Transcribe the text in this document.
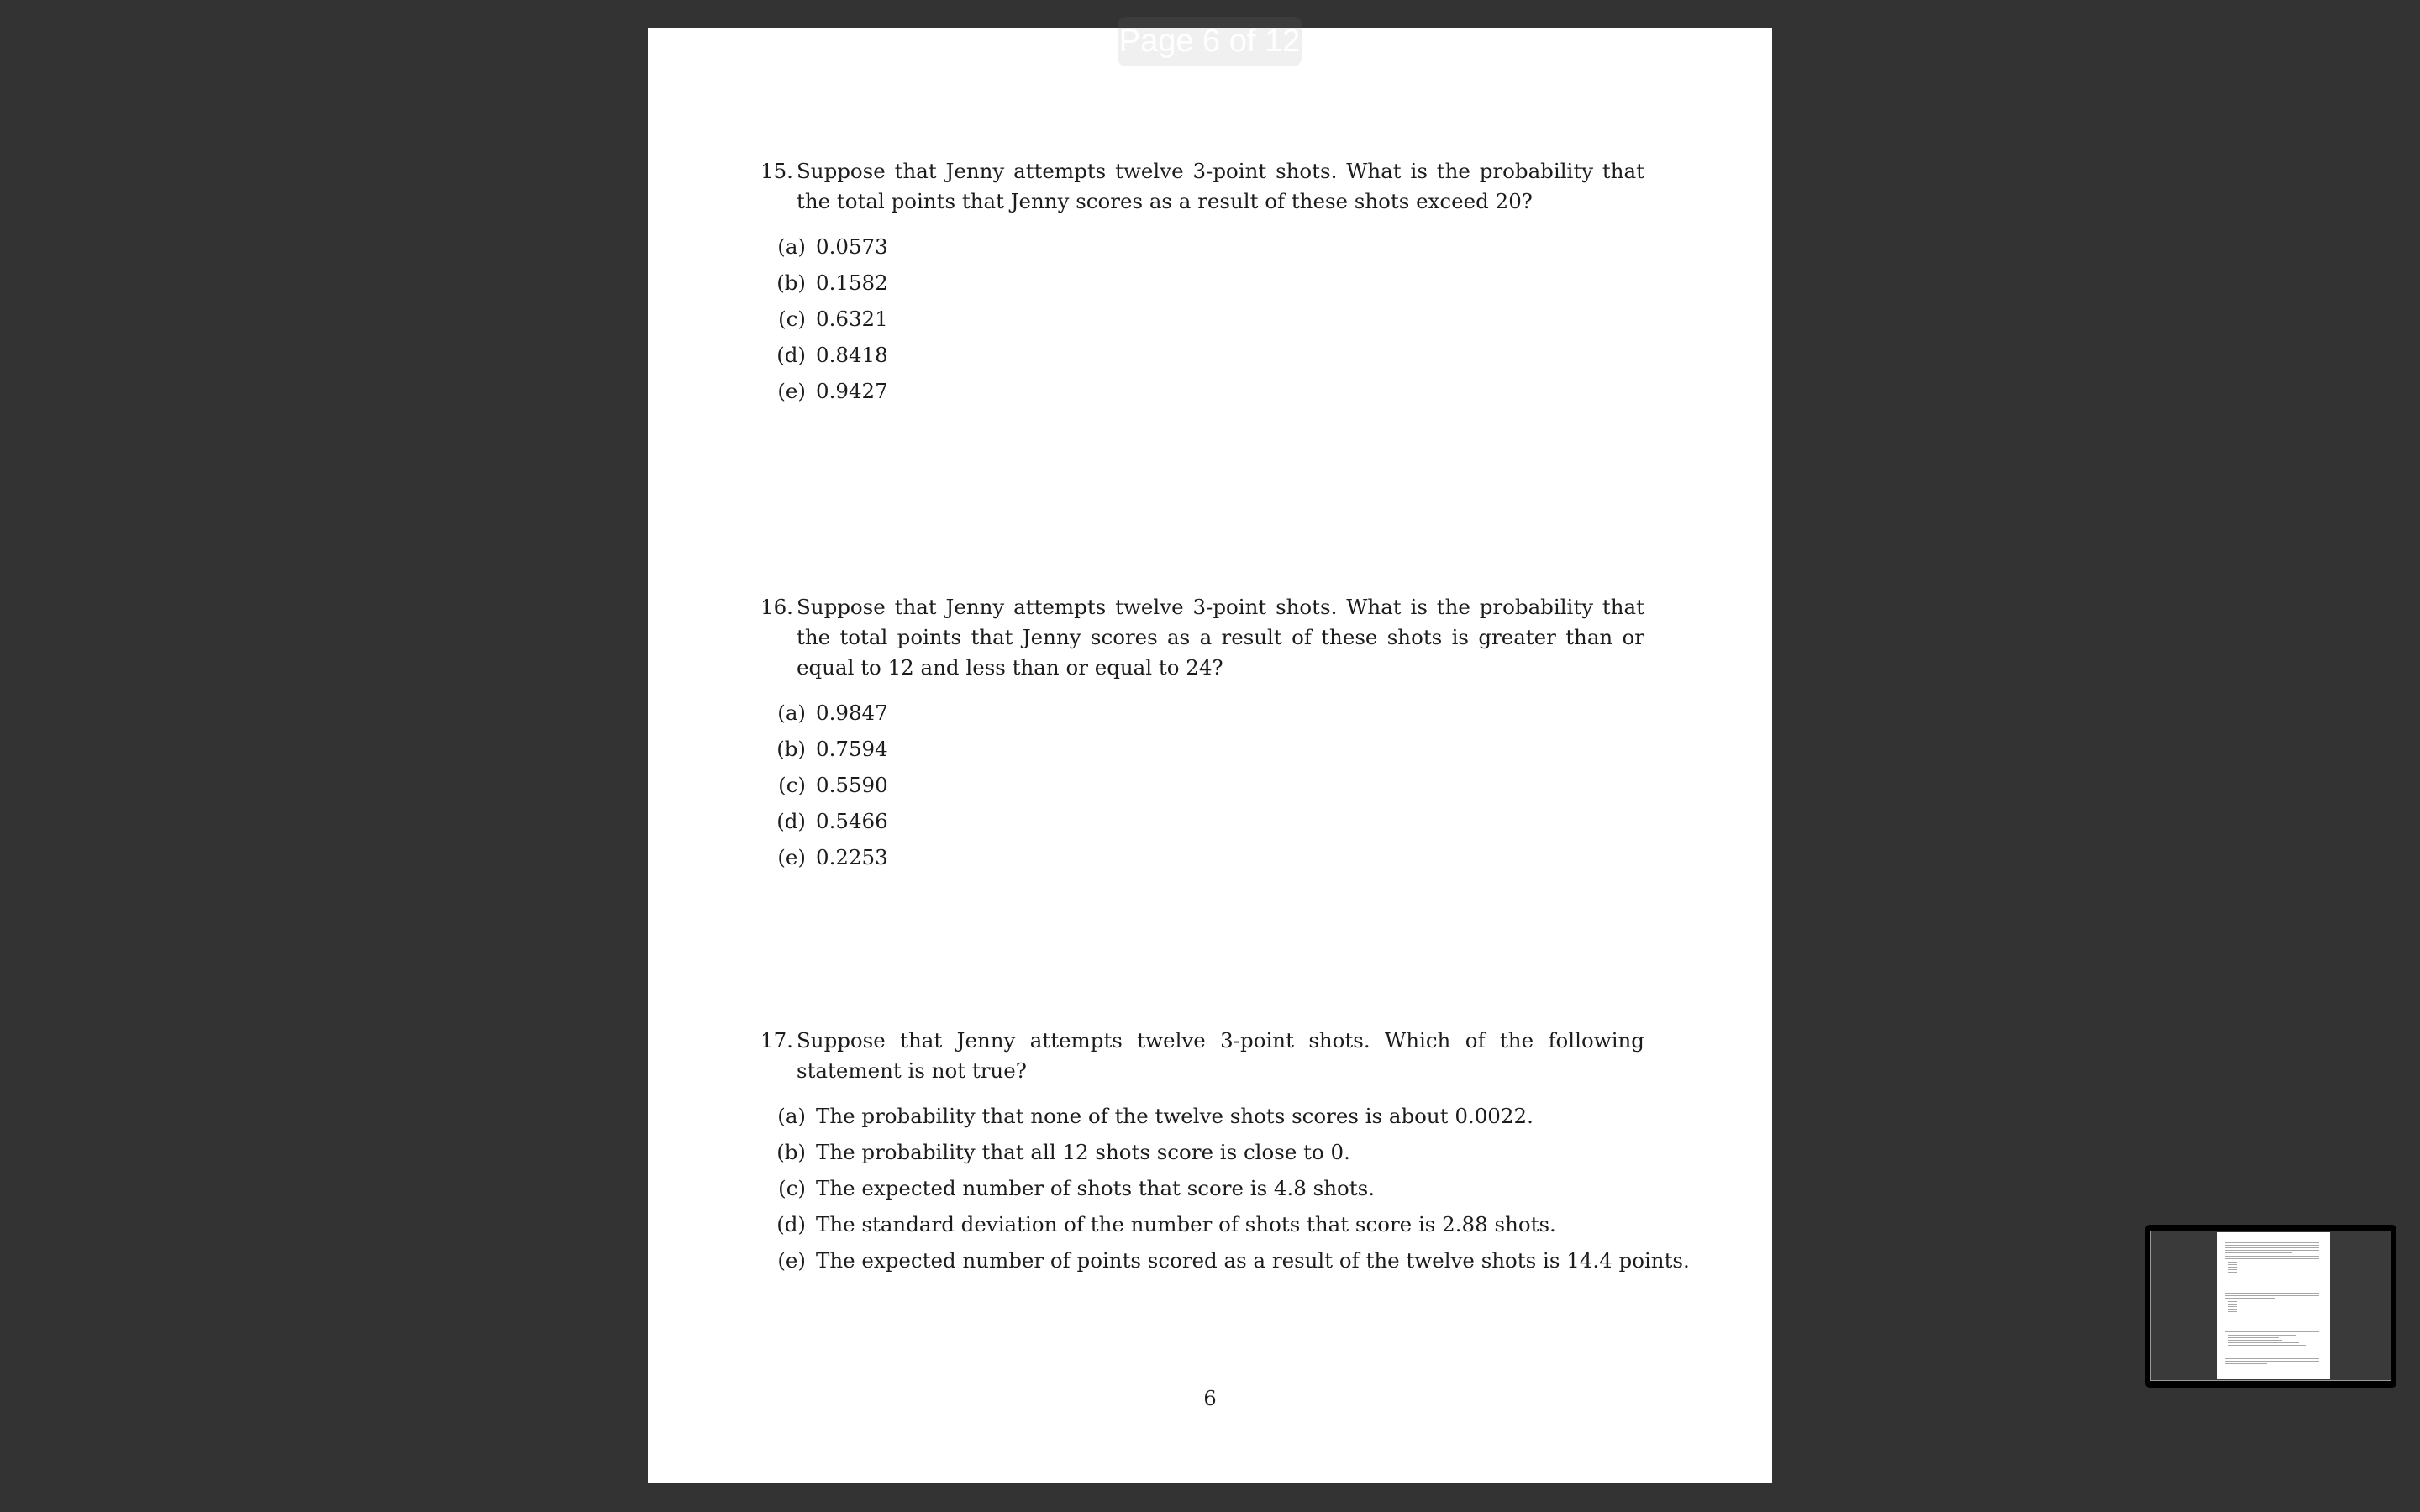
Page 6 of 12
15. Suppose that Jenny attempts twelve 3-point shots. What is the probability that the total points that Jenny scores as a result of these shots exceed 20?
(a) 0.0573
(b) 0.1582
(c) 0.6321
(d) 0.8418
(e) 0.9427
16. Suppose that Jenny attempts twelve 3-point shots. What is the probability that the total points that Jenny scores as a result of these shots is greater than or equal to 12 and less than or equal to 24?
(a) 0.9847
(b) 0.7594
(c) 0.5590
(d) 0.5466
(e) 0.2253
17. Suppose that Jenny attempts twelve 3-point shots. Which of the following statement is not true?
(a) The probability that none of the twelve shots scores is about 0.0022.
(b) The probability that all 12 shots score is close to 0.
(c) The expected number of shots that score is 4.8 shots.
(d) The standard deviation of the number of shots that score is 2.88 shots.
(e) The expected number of points scored as a result of the twelve shots is 14.4 points.
6
